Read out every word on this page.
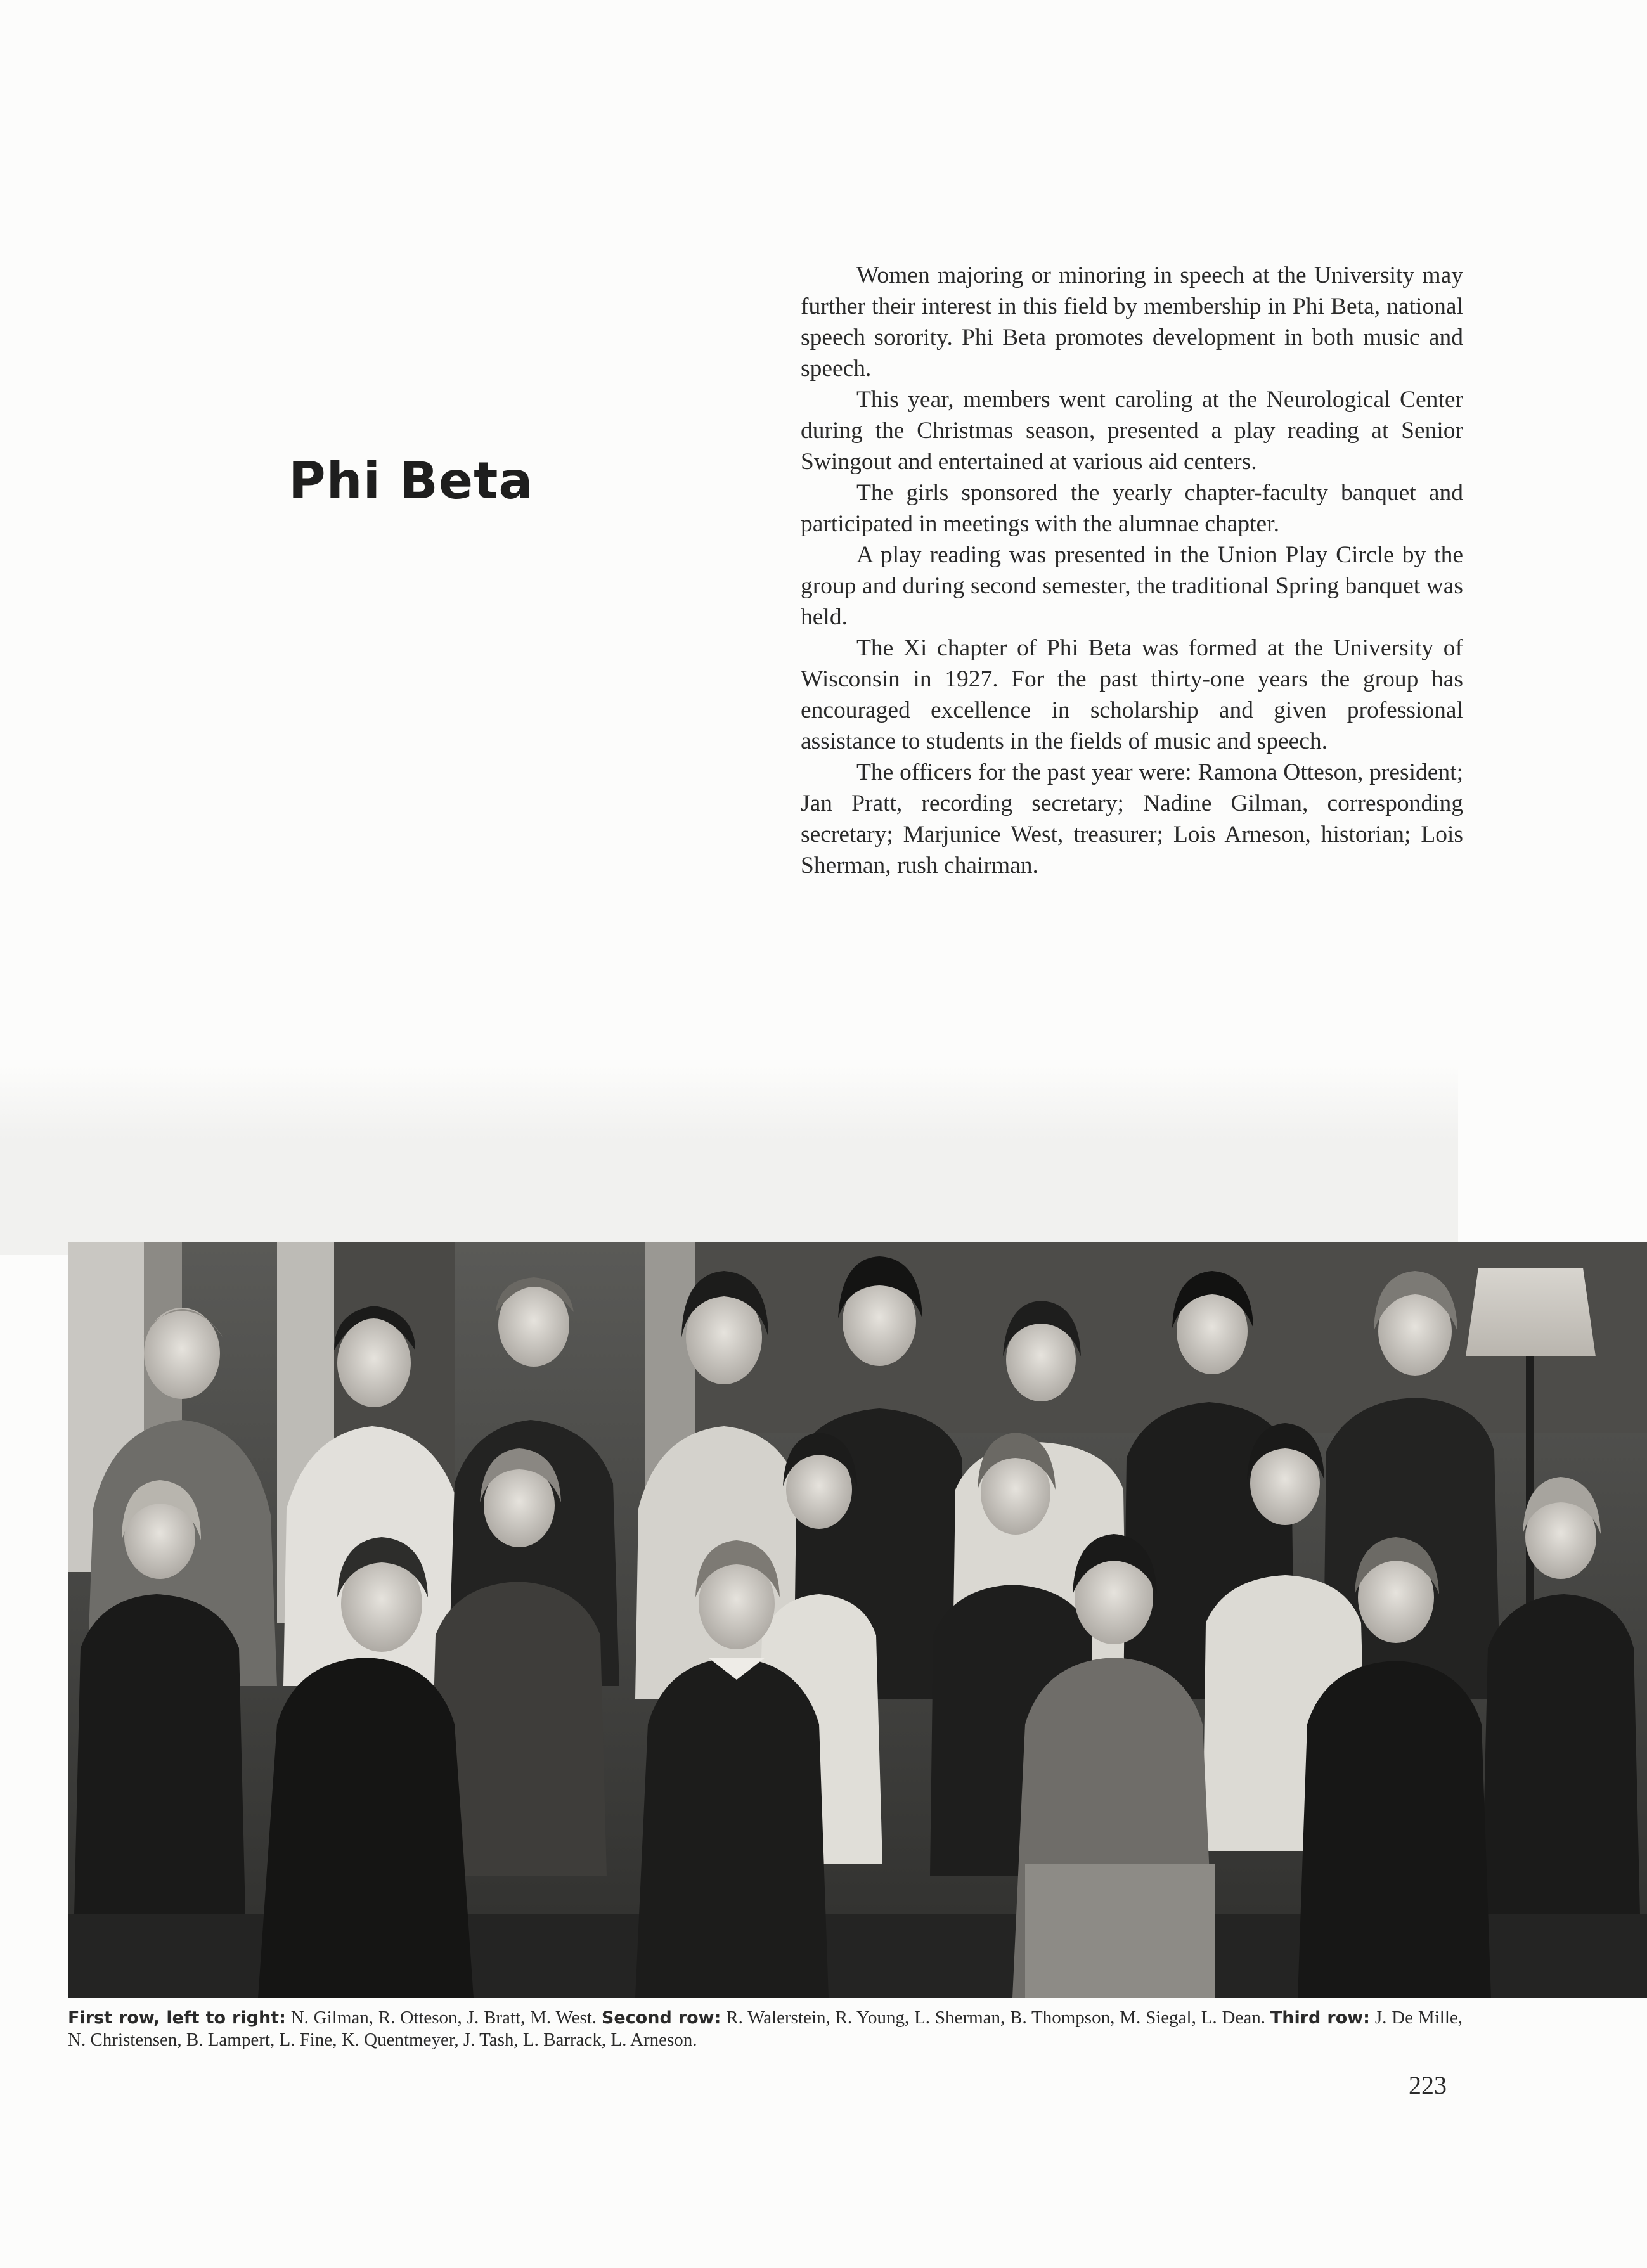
Phi Beta

Women majoring or minoring in speech at the University may further their interest in this field by membership in Phi Beta, national speech sorority. Phi Beta promotes development in both music and speech.

This year, members went caroling at the Neurological Center during the Christmas season, presented a play reading at Senior Swingout and entertained at various aid centers.

The girls sponsored the yearly chapter-faculty banquet and participated in meetings with the alumnae chapter.

A play reading was presented in the Union Play Circle by the group and during second semester, the traditional Spring banquet was held.

The Xi chapter of Phi Beta was formed at the University of Wisconsin in 1927. For the past thirty-one years the group has encouraged excellence in scholarship and given professional assistance to students in the fields of music and speech.

The officers for the past year were: Ramona Otteson, president; Jan Pratt, recording secretary; Nadine Gilman, corresponding secretary; Marjunice West, treasurer; Lois Arneson, historian; Lois Sherman, rush chairman.

First row, left to right: N. Gilman, R. Otteson, J. Bratt, M. West. Second row: R. Walerstein, R. Young, L. Sherman, B. Thompson, M. Siegal, L. Dean. Third row: J. De Mille, N. Christensen, B. Lampert, L. Fine, K. Quentmeyer, J. Tash, L. Barrack, L. Arneson.
223
